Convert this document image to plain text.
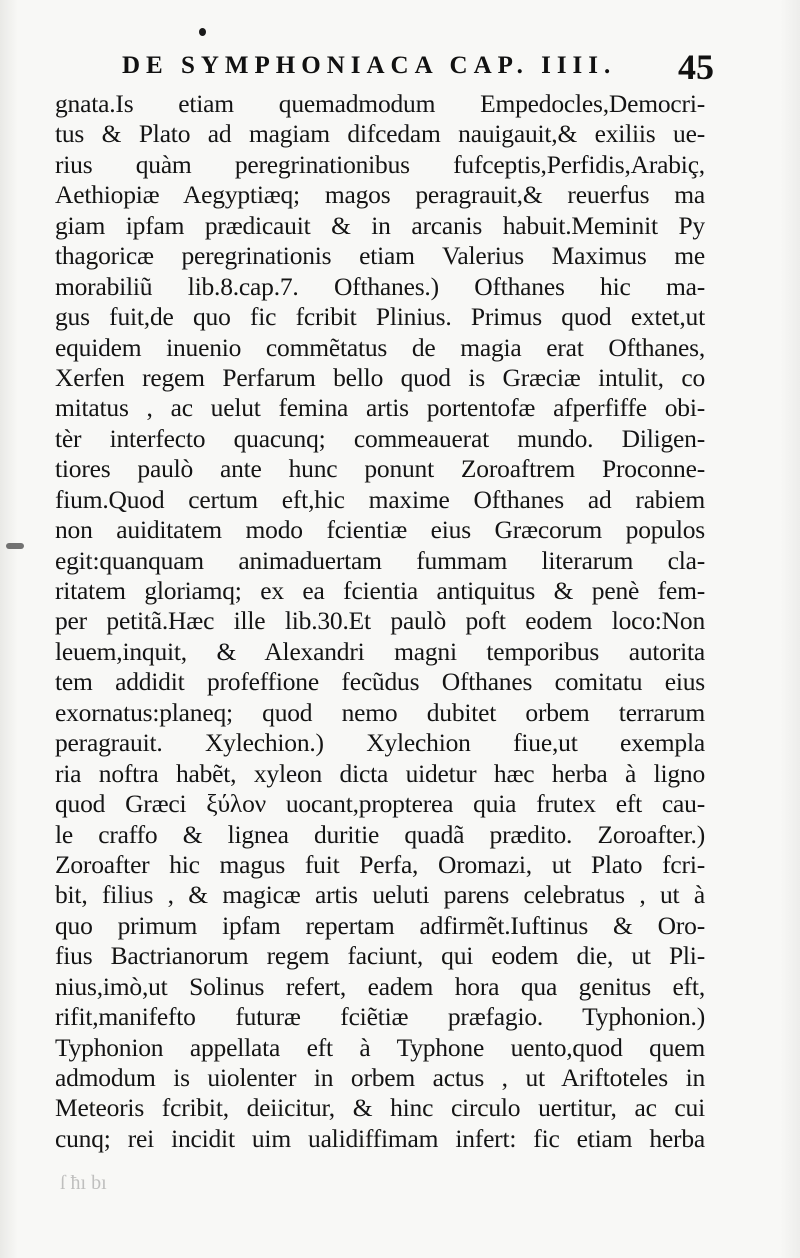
DE SYMPHONIACA CAP. IIII.	45
gnata.Is etiam quemadmodum Empedocles,Democri-
tus & Plato ad magiam difcedam nauigauit,& exiliis ue-
rius quàm peregrinationibus fufceptis,Perfidis,Arabiç,
Aethiopiæ Aegyptiæq; magos peragrauit,& reuerfus ma
giam ipfam prædicauit & in arcanis habuit.Meminit Py
thagoricæ peregrinationis etiam Valerius Maximus me
morabiliũ lib.8.cap.7. Ofthanes.) Ofthanes hic ma-
gus fuit,de quo fic fcribit Plinius. Primus quod extet,ut
equidem inuenio commẽtatus de magia erat Ofthanes,
Xerfen regem Perfarum bello quod is Græciæ intulit, co
mitatus , ac uelut femina artis portentofæ afperfiffe obi-
tèr interfecto quacunq; commeauerat mundo. Diligen-
tiores paulò ante hunc ponunt Zoroaftrem Proconne-
fium.Quod certum eft,hic maxime Ofthanes ad rabiem
non auiditatem modo fcientiæ eius Græcorum populos
egit:quanquam animaduertam fummam literarum cla-
ritatem gloriamq; ex ea fcientia antiquitus & penè fem-
per petitã.Hæc ille lib.30.Et paulò poft eodem loco:Non
leuem,inquit, & Alexandri magni temporibus autorita
tem addidit profeffione fecũdus Ofthanes comitatu eius
exornatus:planeq; quod nemo dubitet orbem terrarum
peragrauit. Xylechion.) Xylechion fiue,ut exempla
ria noftra habẽt, xyleon dicta uidetur hæc herba à ligno
quod Græci ξύλον uocant,propterea quia frutex eft cau-
le craffo & lignea duritie quadã prædito. Zoroafter.)
Zoroafter hic magus fuit Perfa, Oromazi, ut Plato fcri-
bit, filius , & magicæ artis ueluti parens celebratus , ut à
quo primum ipfam repertam adfirmẽt.Iuftinus & Oro-
fius Bactrianorum regem faciunt, qui eodem die, ut Pli-
nius,imò,ut Solinus refert, eadem hora qua genitus eft,
rifit,manifefto futuræ fciẽtiæ præfagio. Typhonion.)
Typhonion appellata eft à Typhone uento,quod quem
admodum is uiolenter in orbem actus , ut Ariftoteles in
Meteoris fcribit, deiicitur, & hinc circulo uertitur, ac cui
cunq; rei incidit uim ualidiffimam infert: fic etiam herba
ſ ħı bı
